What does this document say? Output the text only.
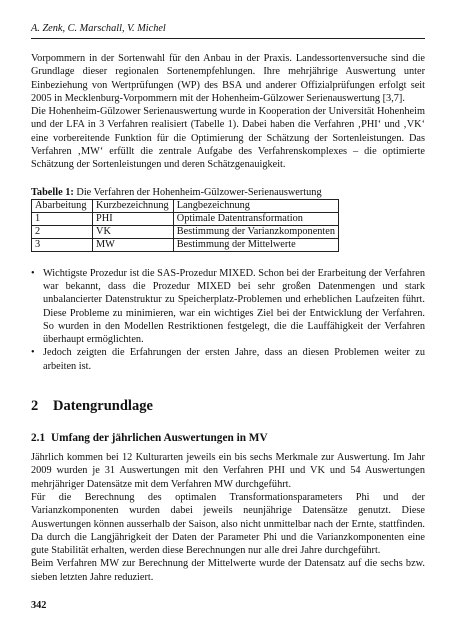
A. Zenk, C. Marschall, V. Michel

Vorpommern in der Sortenwahl für den Anbau in der Praxis. Landessortenversuche sind die Grundlage dieser regionalen Sortenempfehlungen. Ihre mehrjährige Auswertung unter Einbeziehung von Wertprüfungen (WP) des BSA und anderer Offizialprüfungen erfolgt seit 2005 in Mecklenburg-Vorpommern mit der Hohenheim-Gülzower Serienauswertung [3,7].

Die Hohenheim-Gülzower Serienauswertung wurde in Kooperation der Universität Hohenheim und der LFA in 3 Verfahren realisiert (Tabelle 1). Dabei haben die Verfahren ‚PHI‘ und ‚VK‘ eine vorbereitende Funktion für die Optimierung der Schätzung der Sortenleistungen. Das Verfahren ‚MW‘ erfüllt die zentrale Aufgabe des Verfahrenskomplexes – die optimierte Schätzung der Sortenleistungen und deren Schätzgenauigkeit.

Tabelle 1: Die Verfahren der Hohenheim-Gülzower-Serienauswertung
Abarbeitung	Kurzbezeichnung	Langbezeichnung
1	PHI	Optimale Datentransformation
2	VK	Bestimmung der Varianzkomponenten
3	MW	Bestimmung der Mittelwerte
• Wichtigste Prozedur ist die SAS-Prozedur MIXED. Schon bei der Erarbeitung der Verfahren war bekannt, dass die Prozedur MIXED bei sehr großen Datenmengen und stark unbalancierter Datenstruktur zu Speicherplatz-Problemen und erheblichen Laufzeiten führt. Diese Probleme zu minimieren, war ein wichtiges Ziel bei der Entwicklung der Verfahren. So wurden in den Modellen Restriktionen festgelegt, die die Lauffähigkeit der Verfahren überhaupt ermöglichten.

• Jedoch zeigten die Erfahrungen der ersten Jahre, dass an diesen Problemen weiter zu arbeiten ist.

2 Datengrundlage
2.1 Umfang der jährlichen Auswertungen in MV

Jährlich kommen bei 12 Kulturarten jeweils ein bis sechs Merkmale zur Auswertung. Im Jahr 2009 wurden je 31 Auswertungen mit den Verfahren PHI und VK und 54 Auswertungen mehrjähriger Datensätze mit dem Verfahren MW durchgeführt.

Für die Berechnung des optimalen Transformationsparameters Phi und der Varianzkomponenten wurden dabei jeweils neunjährige Datensätze genutzt. Diese Auswertungen können ausserhalb der Saison, also nicht unmittelbar nach der Ernte, stattfinden. Da durch die Langjährigkeit der Daten der Parameter Phi und die Varianzkomponenten eine gute Stabilität erhalten, werden diese Berechnungen nur alle drei Jahre durchgeführt.

Beim Verfahren MW zur Berechnung der Mittelwerte wurde der Datensatz auf die sechs bzw. sieben letzten Jahre reduziert.

342
